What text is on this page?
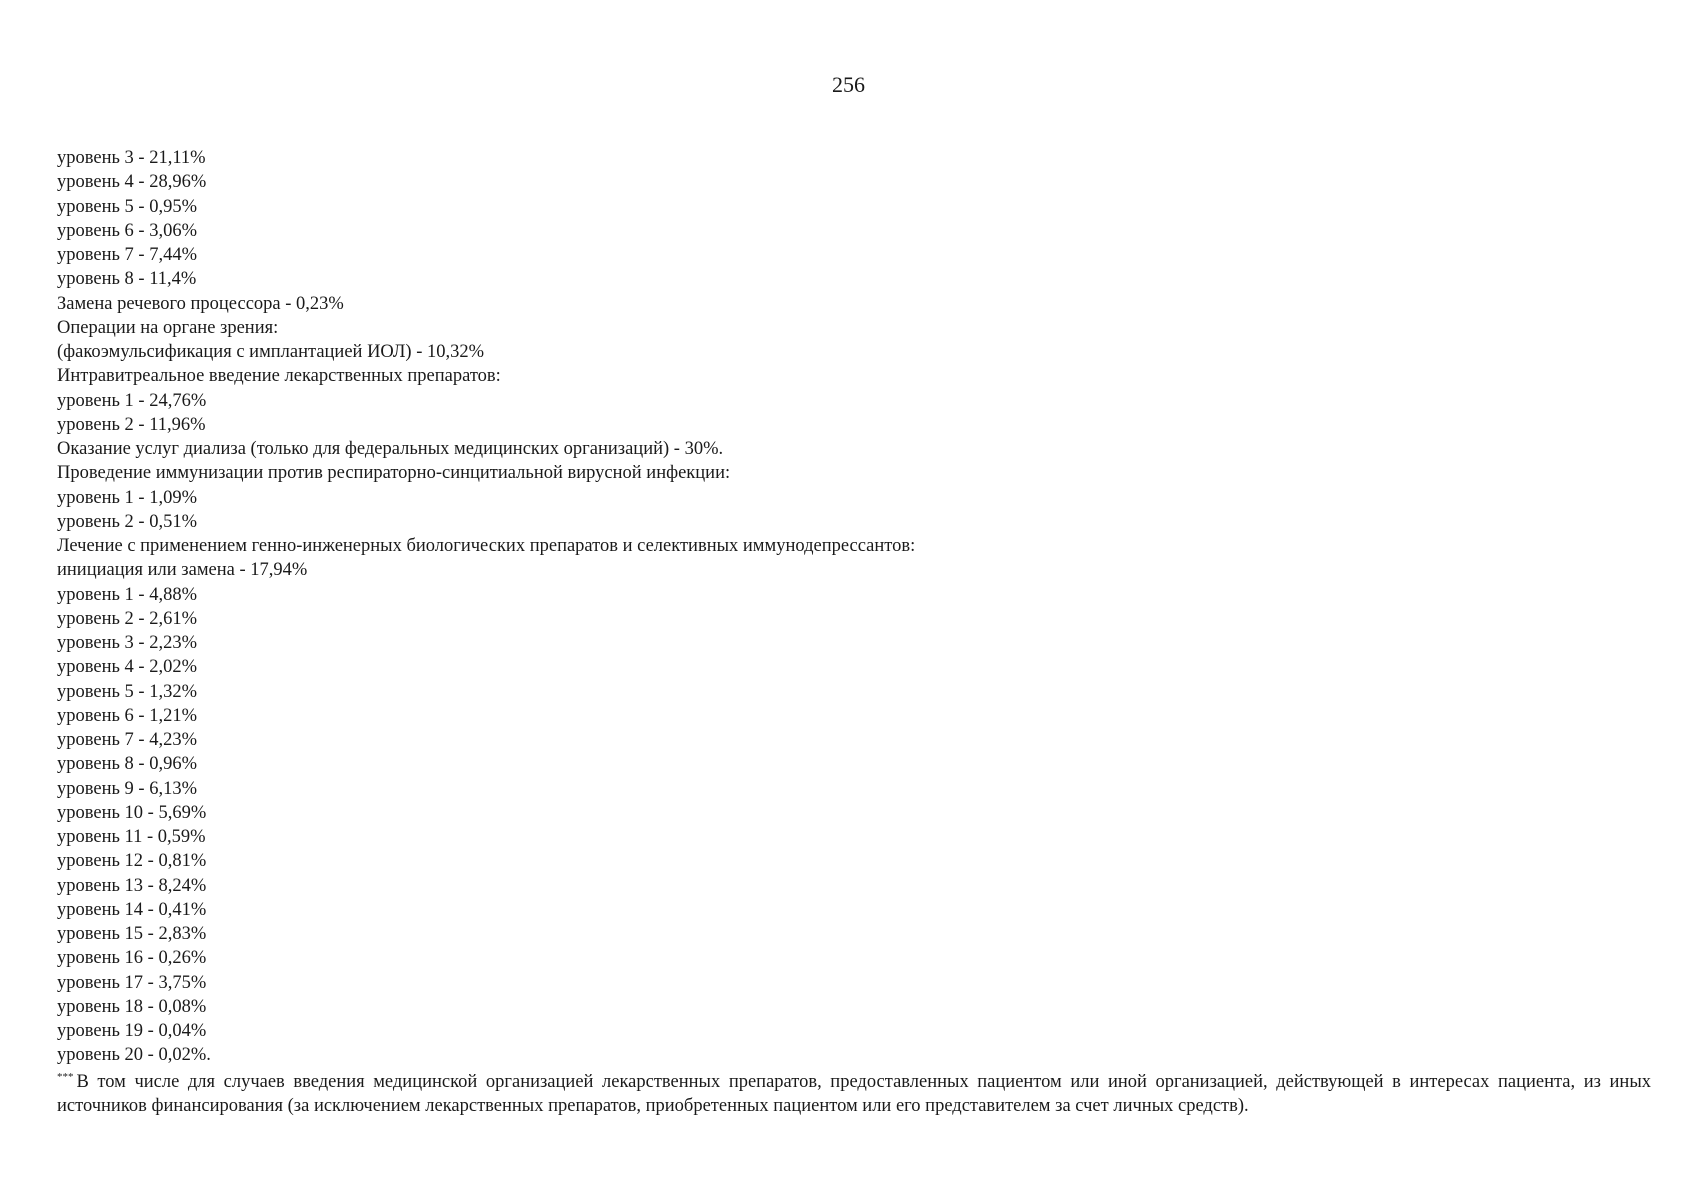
256
уровень 3 - 21,11%
уровень 4 - 28,96%
уровень 5 - 0,95%
уровень 6 - 3,06%
уровень 7 - 7,44%
уровень 8 - 11,4%
Замена речевого процессора - 0,23%
Операции на органе зрения:
(факоэмульсификация с имплантацией ИОЛ) - 10,32%
Интравитреальное введение лекарственных препаратов:
уровень 1 - 24,76%
уровень 2 - 11,96%
Оказание услуг диализа (только для федеральных медицинских организаций) - 30%.
Проведение иммунизации против респираторно-синцитиальной вирусной инфекции:
уровень 1 - 1,09%
уровень 2 - 0,51%
Лечение с применением генно-инженерных биологических препаратов и селективных иммунодепрессантов:
инициация или замена - 17,94%
уровень 1 - 4,88%
уровень 2 - 2,61%
уровень 3 - 2,23%
уровень 4 - 2,02%
уровень 5 - 1,32%
уровень 6 - 1,21%
уровень 7 - 4,23%
уровень 8 - 0,96%
уровень 9 - 6,13%
уровень 10 - 5,69%
уровень 11 - 0,59%
уровень 12 - 0,81%
уровень 13 - 8,24%
уровень 14 - 0,41%
уровень 15 - 2,83%
уровень 16 - 0,26%
уровень 17 - 3,75%
уровень 18 - 0,08%
уровень 19 - 0,04%
уровень 20 - 0,02%.
*** В том числе для случаев введения медицинской организацией лекарственных препаратов, предоставленных пациентом или иной организацией, действующей в интересах пациента, из иных источников финансирования (за исключением лекарственных препаратов, приобретенных пациентом или его представителем за счет личных средств).
